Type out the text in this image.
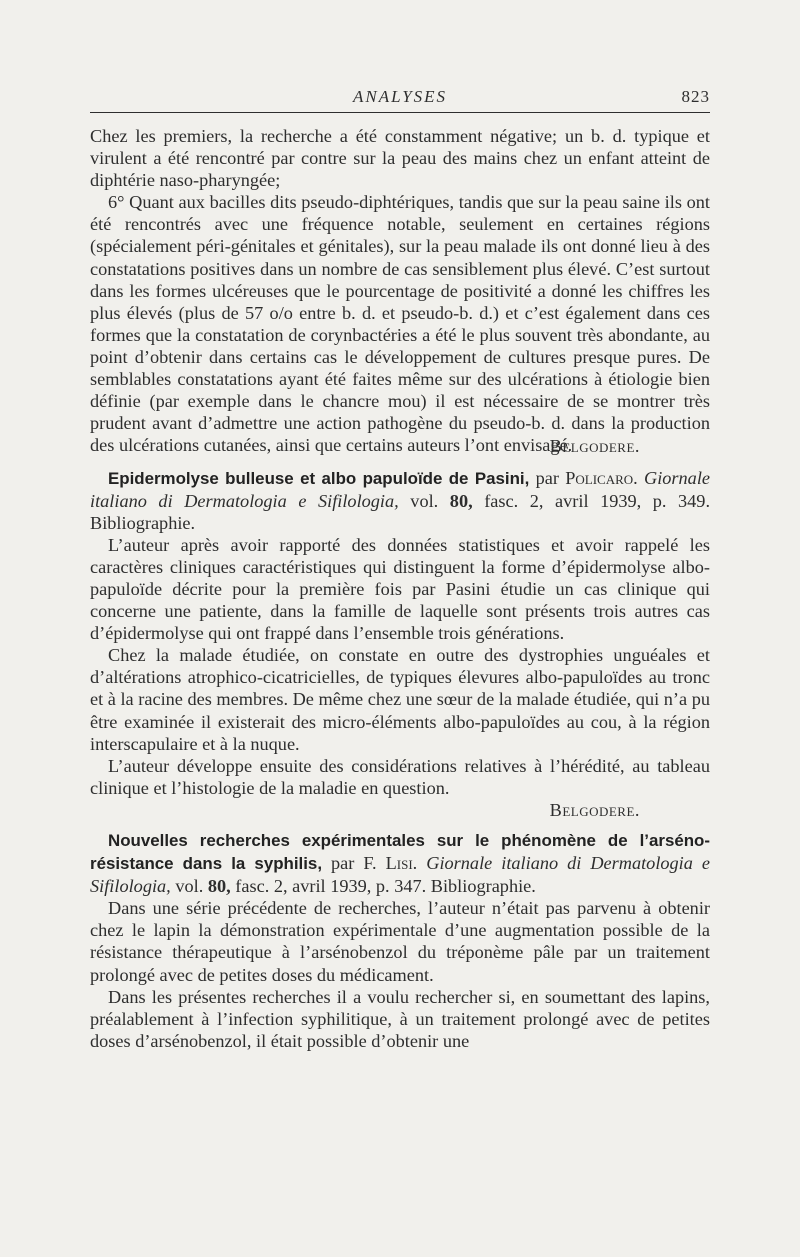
ANALYSES	823

Chez les premiers, la recherche a été constamment négative; un b. d. typique et virulent a été rencontré par contre sur la peau des mains chez un enfant atteint de diphtérie naso-pharyngée;

6° Quant aux bacilles dits pseudo-diphtériques, tandis que sur la peau saine ils ont été rencontrés avec une fréquence notable, seulement en certaines régions (spécialement péri-génitales et génitales), sur la peau malade ils ont donné lieu à des constatations positives dans un nombre de cas sensiblement plus élevé. C’est surtout dans les formes ulcéreuses que le pourcentage de positivité a donné les chiffres les plus élevés (plus de 57 o/o entre b. d. et pseudo-b. d.) et c’est également dans ces formes que la constatation de corynbactéries a été le plus souvent très abondante, au point d’obtenir dans certains cas le développement de cultures presque pures. De semblables constatations ayant été faites même sur des ulcérations à étiologie bien définie (par exemple dans le chancre mou) il est nécessaire de se montrer très prudent avant d’admettre une action pathogène du pseudo-b. d. dans la production des ulcérations cutanées, ainsi que certains auteurs l’ont envisagé.

Belgodere.

Epidermolyse bulleuse et albo papuloïde de Pasini, par Policaro. Giornale italiano di Dermatologia e Sifilologia, vol. 80, fasc. 2, avril 1939, p. 349. Bibliographie.

L’auteur après avoir rapporté des données statistiques et avoir rappelé les caractères cliniques caractéristiques qui distinguent la forme d’épidermolyse albo-papuloïde décrite pour la première fois par Pasini étudie un cas clinique qui concerne une patiente, dans la famille de laquelle sont présents trois autres cas d’épidermolyse qui ont frappé dans l’ensemble trois générations.

Chez la malade étudiée, on constate en outre des dystrophies unguéales et d’altérations atrophico-cicatricielles, de typiques élevures albo-papuloïdes au tronc et à la racine des membres. De même chez une sœur de la malade étudiée, qui n’a pu être examinée il existerait des micro-éléments albo-papuloïdes au cou, à la région interscapulaire et à la nuque.

L’auteur développe ensuite des considérations relatives à l’hérédité, au tableau clinique et l’histologie de la maladie en question.

Belgodere.

Nouvelles recherches expérimentales sur le phénomène de l’arséno-résistance dans la syphilis, par F. Lisi. Giornale italiano di Dermatologia e Sifilologia, vol. 80, fasc. 2, avril 1939, p. 347. Bibliographie.

Dans une série précédente de recherches, l’auteur n’était pas parvenu à obtenir chez le lapin la démonstration expérimentale d’une augmentation possible de la résistance thérapeutique à l’arsénobenzol du tréponème pâle par un traitement prolongé avec de petites doses du médicament.

Dans les présentes recherches il a voulu rechercher si, en soumettant des lapins, préalablement à l’infection syphilitique, à un traitement prolongé avec de petites doses d’arsénobenzol, il était possible d’obtenir une
